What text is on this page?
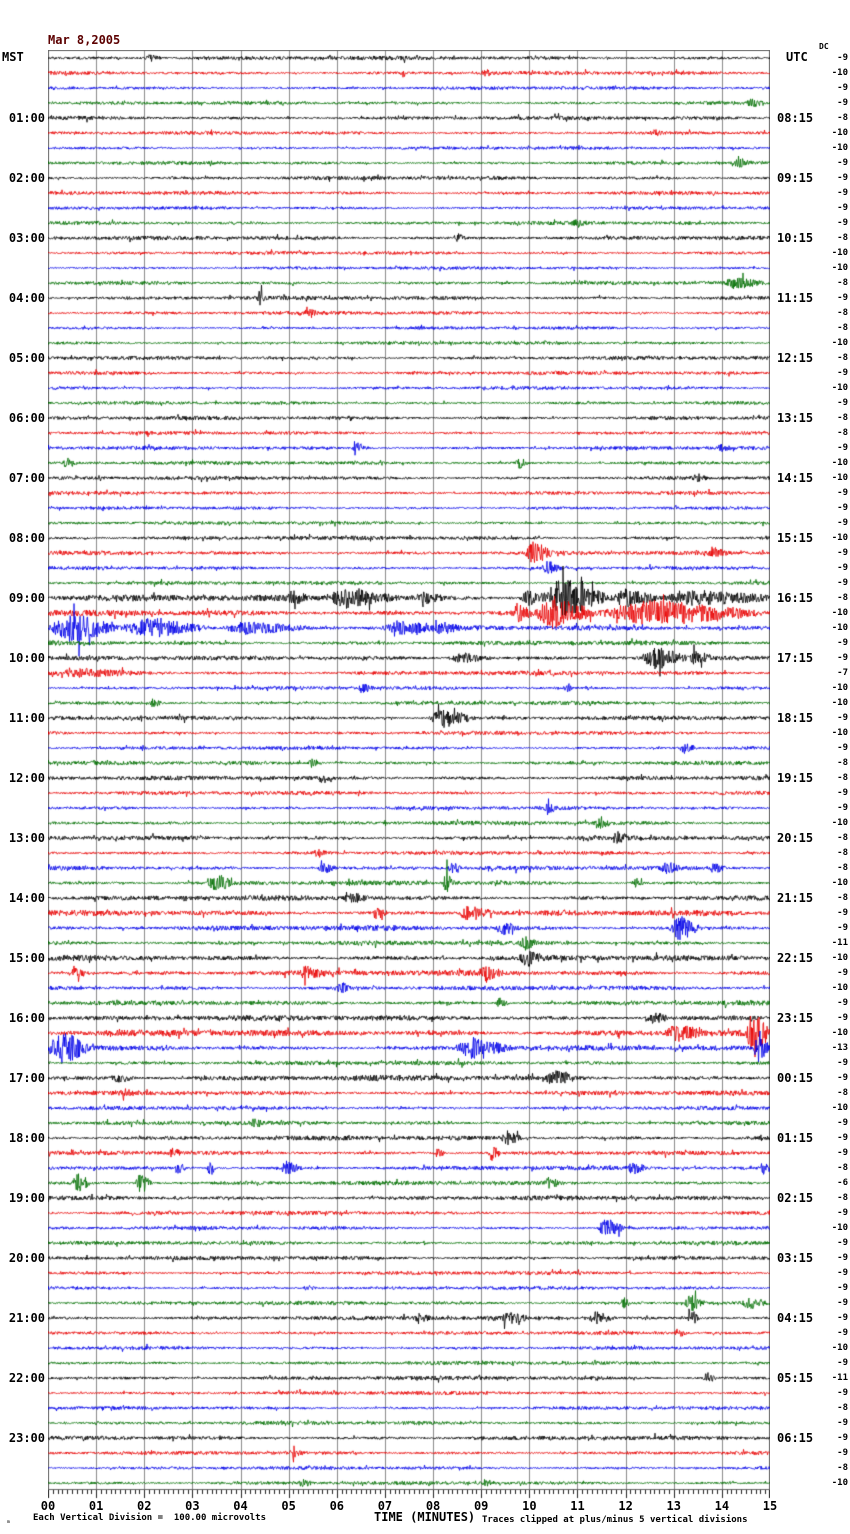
Mar 8,2005

MST	UTC
DC
01:00
02:00
03:00
04:00
05:00
06:00
07:00
08:00
09:00
10:00
11:00
12:00
13:00
14:00
15:00
16:00
17:00
18:00
19:00
20:00
21:00
22:00
23:00
08:15
09:15
10:15
11:15
12:15
13:15
14:15
15:15
16:15
17:15
18:15
19:15
20:15
21:15
22:15
23:15
00:15
01:15
02:15
03:15
04:15
05:15
06:15
-9
-10
-9
-9
-8
-10
-10
-9
-9
-9
-9
-9
-8
-10
-10
-8
-9
-8
-8
-10
-8
-9
-10
-9
-8
-8
-9
-10
-10
-9
-9
-9
-10
-9
-9
-9
-8
-10
-10
-9
-9
-7
-10
-10
-9
-10
-9
-8
-8
-9
-9
-10
-8
-8
-8
-10
-8
-9
-9
-11
-10
-9
-10
-9
-9
-10
-13
-9
-9
-8
-10
-9
-9
-9
-8
-6
-8
-9
-10
-9
-9
-9
-9
-9
-9
-9
-10
-9
-11
-9
-8
-9
-9
-9
-8
-10
00	01	02	03	04	05	06	07	08	09	10	11	12	13	14	15
ₘ Each Vertical Division =  100.00 microvolts	TIME (MINUTES) Traces clipped at plus/minus 5 vertical divisions
